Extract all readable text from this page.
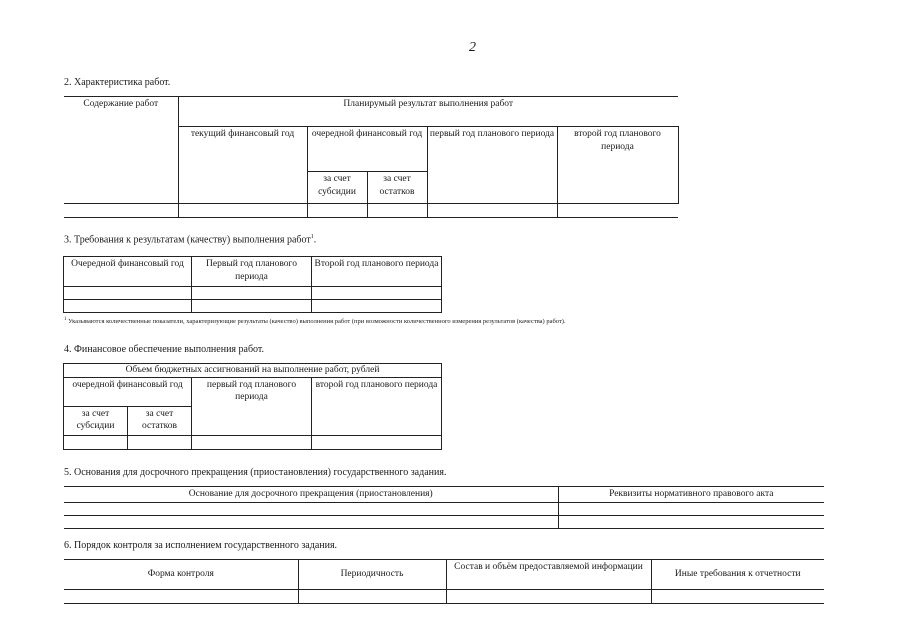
2
2. Характеристика работ.
Содержание работ	Планирумый результат выполнения работ				
	текущий финансовый год	очередной финансовый год		первый год планового периода	второй год планового периода
		за счет субсидии	за счет остатков		

3. Требования к результатам (качеству) выполнения работ$^1$.
Очередной финансовый год	Первый год планового периода	Второй год планового периода

$^1$ Указываются количественные показатели, характеризующие результаты (качество) выполнения работ (при возможности количественного измерения результатов (качества) работ).
4. Финансовое обеспечение выполнения работ.
Объем бюджетных ассигнований на выполнение работ, рублей			
очередной финансовый год		первый год планового периода	второй год планового периода
за счет субсидии	за счет остатков		

5. Основания для досрочного прекращения (приостановления) государственного задания.
Основание для досрочного прекращения (приостановления)	Реквизиты нормативного правового акта

6. Порядок контроля за исполнением государственного задания.
Форма контроля	Периодичность	Состав и объём предоставляемой информации	Иные требования к отчетности
